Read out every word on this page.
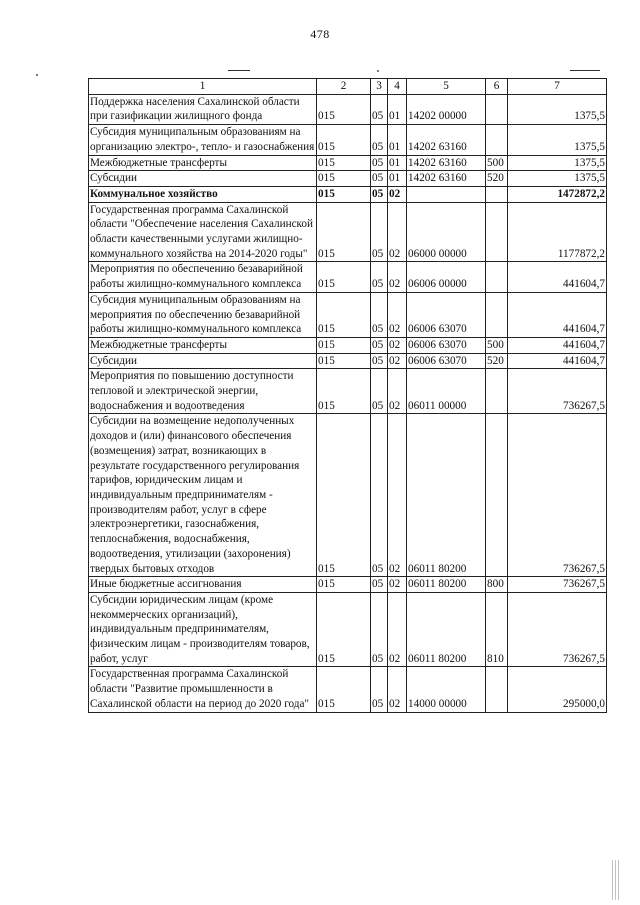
478
1	2	3	4	5	6	7
Поддержка населения Сахалинской области при газификации жилищного фонда	015	05	01	14202 00000		1375,5
Субсидия муниципальным образованиям на организацию электро-, тепло- и газоснабжения	015	05	01	14202 63160		1375,5
Межбюджетные трансферты	015	05	01	14202 63160	500	1375,5
Субсидии	015	05	01	14202 63160	520	1375,5
Коммунальное хозяйство	015	05	02			1472872,2
Государственная программа Сахалинской области "Обеспечение населения Сахалинской области качественными услугами жилищно-коммунального хозяйства на 2014-2020 годы"	015	05	02	06000 00000		1177872,2
Мероприятия по обеспечению безаварийной работы жилищно-коммунального комплекса	015	05	02	06006 00000		441604,7
Субсидия муниципальным образованиям на мероприятия по обеспечению безаварийной работы жилищно-коммунального комплекса	015	05	02	06006 63070		441604,7
Межбюджетные трансферты	015	05	02	06006 63070	500	441604,7
Субсидии	015	05	02	06006 63070	520	441604,7
Мероприятия по повышению доступности тепловой и электрической энергии, водоснабжения и водоотведения	015	05	02	06011 00000		736267,5
Субсидии на возмещение недополученных доходов и (или) финансового обеспечения (возмещения) затрат, возникающих в результате государственного регулирования тарифов, юридическим лицам и индивидуальным предпринимателям - производителям работ, услуг в сфере электроэнергетики, газоснабжения, теплоснабжения, водоснабжения, водоотведения, утилизации (захоронения) твердых бытовых отходов	015	05	02	06011 80200		736267,5
Иные бюджетные ассигнования	015	05	02	06011 80200	800	736267,5
Субсидии юридическим лицам (кроме некоммерческих организаций), индивидуальным предпринимателям, физическим лицам - производителям товаров, работ, услуг	015	05	02	06011 80200	810	736267,5
Государственная программа Сахалинской области "Развитие промышленности в Сахалинской области на период до 2020 года"	015	05	02	14000 00000		295000,0
